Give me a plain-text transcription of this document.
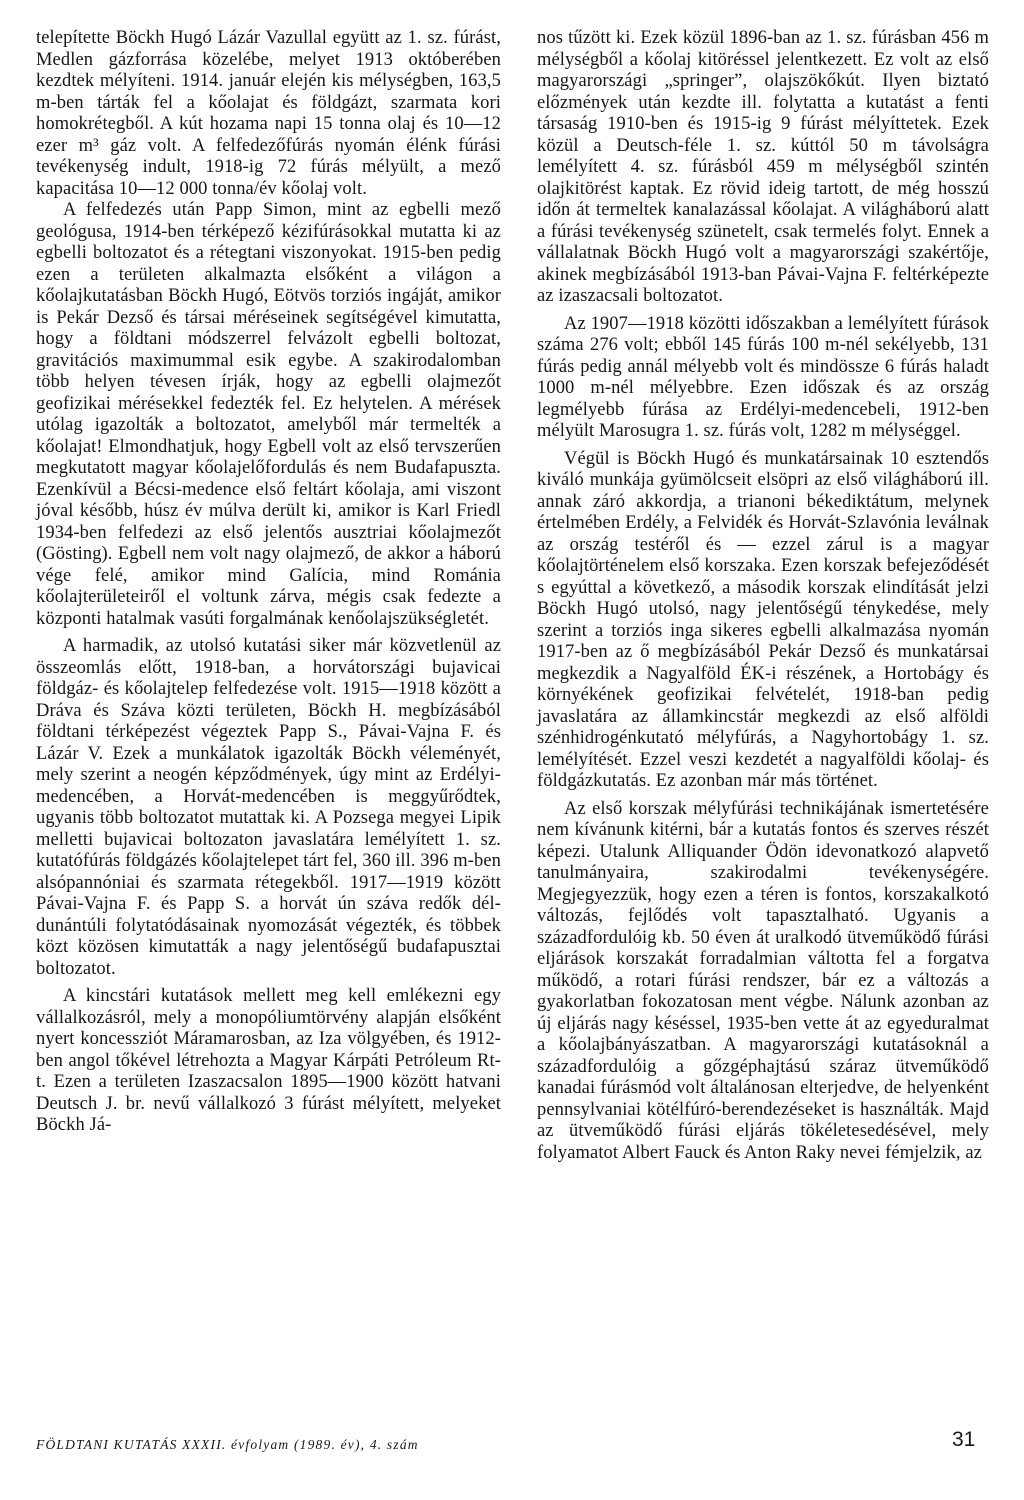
telepítette Böckh Hugó Lázár Vazullal együtt az 1. sz. fúrást, Medlen gázforrása közelébe, melyet 1913 októberében kezdtek mélyíteni. 1914. január elején kis mélységben, 163,5 m-ben tárták fel a kőolajat és földgázt, szarmata kori homokrétegből. A kút hozama napi 15 tonna olaj és 10—12 ezer m³ gáz volt. A felfedezőfúrás nyomán élénk fúrási tevékenység indult, 1918-ig 72 fúrás mélyült, a mező kapacitása 10—12 000 tonna/év kőolaj volt.

A felfedezés után Papp Simon, mint az egbelli mező geológusa, 1914-ben térképező kézifúrásokkal mutatta ki az egbelli boltozatot és a rétegtani viszonyokat. 1915-ben pedig ezen a területen alkalmazta elsőként a világon a kőolajkutatásban Böckh Hugó, Eötvös torziós ingáját, amikor is Pekár Dezső és társai méréseinek segítségével kimutatta, hogy a földtani módszerrel felvázolt egbelli boltozat, gravitációs maximummal esik egybe. A szakirodalomban több helyen tévesen írják, hogy az egbelli olajmezőt geofizikai mérésekkel fedezték fel. Ez helytelen. A mérések utólag igazolták a boltozatot, amelyből már termelték a kőolajat! Elmondhatjuk, hogy Egbell volt az első tervszerűen megkutatott magyar kőolajelőfordulás és nem Budafapuszta. Ezenkívül a Bécsi-medence első feltárt kőolaja, ami viszont jóval később, húsz év múlva derült ki, amikor is Karl Friedl 1934-ben felfedezi az első jelentős ausztriai kőolajmezőt (Gösting). Egbell nem volt nagy olajmező, de akkor a háború vége felé, amikor mind Galícia, mind Románia kőolajterületeiről el voltunk zárva, mégis csak fedezte a központi hatalmak vasúti forgalmának kenőolajszükségletét.

A harmadik, az utolsó kutatási siker már közvetlenül az összeomlás előtt, 1918-ban, a horvátországi bujavicai földgáz- és kőolajtelep felfedezése volt. 1915—1918 között a Dráva és Száva közti területen, Böckh H. megbízásából földtani térképezést végeztek Papp S., Pávai-Vajna F. és Lázár V. Ezek a munkálatok igazolták Böckh véleményét, mely szerint a neogén képződmények, úgy mint az Erdélyi-medencében, a Horvát-medencében is meggyűrődtek, ugyanis több boltozatot mutattak ki. A Pozsega megyei Lipik melletti bujavicai boltozaton javaslatára lemélyített 1. sz. kutatófúrás földgázés kőolajtelepet tárt fel, 360 ill. 396 m-ben alsópannóniai és szarmata rétegekből. 1917—1919 között Pávai-Vajna F. és Papp S. a horvát ún száva redők dél-dunántúli folytatódásainak nyomozását végezték, és többek közt közösen kimutatták a nagy jelentőségű budafapusztai boltozatot.

A kincstári kutatások mellett meg kell emlékezni egy vállalkozásról, mely a monopóliumtörvény alapján elsőként nyert koncessziót Máramarosban, az Iza völgyében, és 1912-ben angol tőkével létrehozta a Magyar Kárpáti Petróleum Rt-t. Ezen a területen Izaszacsalon 1895—1900 között hatvani Deutsch J. br. nevű vállalkozó 3 fúrást mélyített, melyeket Böckh Já-

nos tűzött ki. Ezek közül 1896-ban az 1. sz. fúrásban 456 m mélységből a kőolaj kitöréssel jelentkezett. Ez volt az első magyarországi „springer”, olajszökőkút. Ilyen biztató előzmények után kezdte ill. folytatta a kutatást a fenti társaság 1910-ben és 1915-ig 9 fúrást mélyíttetek. Ezek közül a Deutsch-féle 1. sz. kúttól 50 m távolságra lemélyített 4. sz. fúrásból 459 m mélységből szintén olajkitörést kaptak. Ez rövid ideig tartott, de még hosszú időn át termeltek kanalazással kőolajat. A világháború alatt a fúrási tevékenység szünetelt, csak termelés folyt. Ennek a vállalatnak Böckh Hugó volt a magyarországi szakértője, akinek megbízásából 1913-ban Pávai-Vajna F. feltérképezte az izaszacsali boltozatot.

Az 1907—1918 közötti időszakban a lemélyített fúrások száma 276 volt; ebből 145 fúrás 100 m-nél sekélyebb, 131 fúrás pedig annál mélyebb volt és mindössze 6 fúrás haladt 1000 m-nél mélyebbre. Ezen időszak és az ország legmélyebb fúrása az Erdélyi-medencebeli, 1912-ben mélyült Marosugra 1. sz. fúrás volt, 1282 m mélységgel.

Végül is Böckh Hugó és munkatársainak 10 esztendős kiváló munkája gyümölcseit elsöpri az első világháború ill. annak záró akkordja, a trianoni békediktátum, melynek értelmében Erdély, a Felvidék és Horvát-Szlavónia leválnak az ország testéről és — ezzel zárul is a magyar kőolajtörténelem első korszaka. Ezen korszak befejeződését s egyúttal a következő, a második korszak elindítását jelzi Böckh Hugó utolsó, nagy jelentőségű ténykedése, mely szerint a torziós inga sikeres egbelli alkalmazása nyomán 1917-ben az ő megbízásából Pekár Dezső és munkatársai megkezdik a Nagyalföld ÉK-i részének, a Hortobágy és környékének geofizikai felvételét, 1918-ban pedig javaslatára az államkincstár megkezdi az első alföldi szénhidrogénkutató mélyfúrás, a Nagyhortobágy 1. sz. lemélyítését. Ezzel veszi kezdetét a nagyalföldi kőolaj- és földgázkutatás. Ez azonban már más történet.

Az első korszak mélyfúrási technikájának ismertetésére nem kívánunk kitérni, bár a kutatás fontos és szerves részét képezi. Utalunk Alliquander Ödön idevonatkozó alapvető tanulmányaira, szakirodalmi tevékenységére. Megjegyezzük, hogy ezen a téren is fontos, korszakalkotó változás, fejlődés volt tapasztalható. Ugyanis a századfordulóig kb. 50 éven át uralkodó ütveműködő fúrási eljárások korszakát forradalmian váltotta fel a forgatva működő, a rotari fúrási rendszer, bár ez a változás a gyakorlatban fokozatosan ment végbe. Nálunk azonban az új eljárás nagy késéssel, 1935-ben vette át az egyeduralmat a kőolajbányászatban. A magyarországi kutatásoknál a századfordulóig a gőzgéphajtású száraz ütveműködő kanadai fúrásmód volt általánosan elterjedve, de helyenként pennsylvaniai kötélfúró-berendezéseket is használták. Majd az ütveműködő fúrási eljárás tökéletesedésével, mely folyamatot Albert Fauck és Anton Raky nevei fémjelzik, az

FÖLDTANI KUTATÁS XXXII. évfolyam (1989. év), 4. szám	31
